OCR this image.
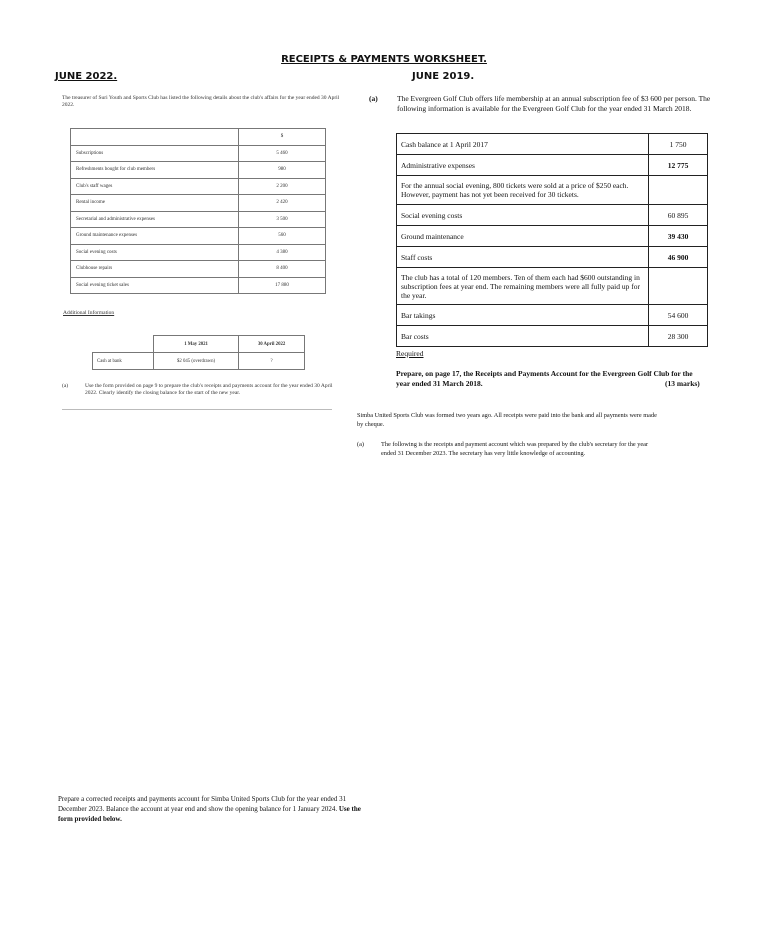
RECEIPTS & PAYMENTS WORKSHEET.
JUNE 2022.	JUNE 2019.
The treasurer of Suri Youth and Sports Club has listed the following details about the club's affairs for the year ended 30 April 2022.
	$
Subscriptions	5 460
Refreshments bought for club members	980
Club's staff wages	2 200
Rental income	2 420
Secretarial and administrative expenses	3 500
Ground maintenance expenses	560
Social evening costs	4 380
Clubhouse repairs	8 400
Social evening ticket sales	17 880
Additional Information
	1 May 2021	30 April 2022
Cash at bank	$2 045 (overdrawn)	?
(a)	Use the form provided on page 9 to prepare the club's receipts and payments account for the year ended 30 April 2022. Clearly identify the closing balance for the start of the new year.
(a)	The Evergreen Golf Club offers life membership at an annual subscription fee of $3 600 per person. The following information is available for the Evergreen Golf Club for the year ended 31 March 2018.
Cash balance at 1 April 2017	1 750
Administrative expenses	12 775
For the annual social evening, 800 tickets were sold at a price of $250 each. However, payment has not yet been received for 30 tickets.	
Social evening costs	60 895
Ground maintenance	39 430
Staff costs	46 900
The club has a total of 120 members. Ten of them each had $600 outstanding in subscription fees at year end. The remaining members were all fully paid up for the year.	
Bar takings	54 600
Bar costs	28 300
Required
Prepare, on page 17, the Receipts and Payments Account for the Evergreen Golf Club for the year ended 31 March 2018.	(13 marks)
Simba United Sports Club was formed two years ago. All receipts were paid into the bank and all payments were made by cheque.
(a)	The following is the receipts and payment account which was prepared by the club's secretary for the year ended 31 December 2023. The secretary has very little knowledge of accounting.
Prepare a corrected receipts and payments account for Simba United Sports Club for the year ended 31 December 2023. Balance the account at year end and show the opening balance for 1 January 2024. Use the form provided below.
